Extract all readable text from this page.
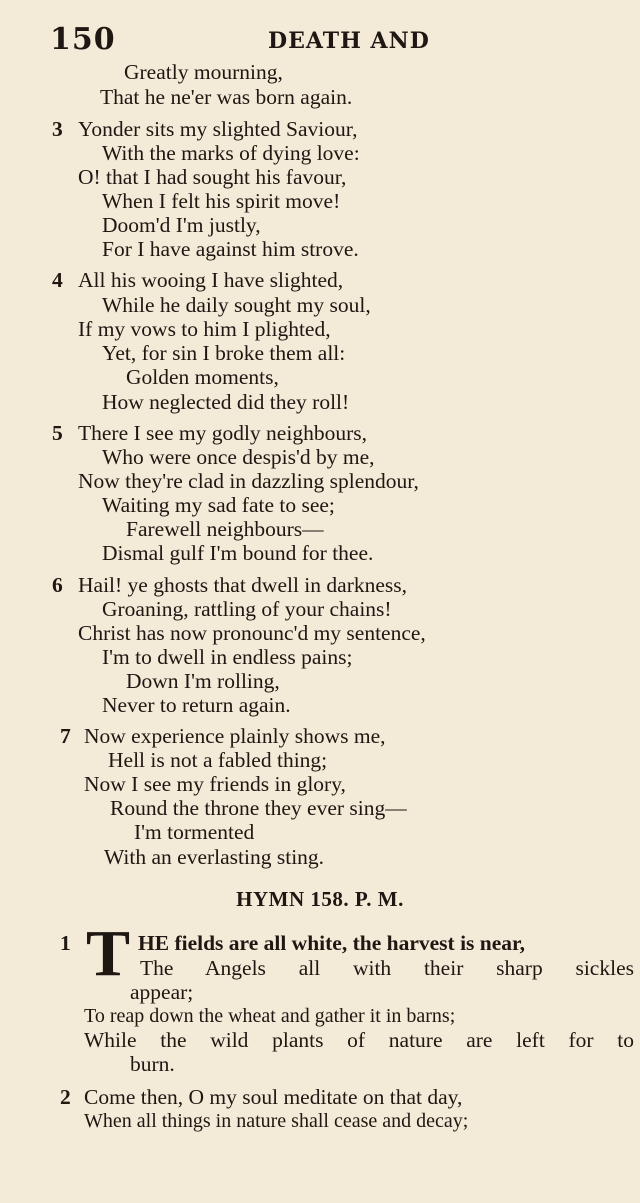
150	DEATH AND
Greatly mourning,
That he ne'er was born again.
3 Yonder sits my slighted Saviour,
With the marks of dying love:
O! that I had sought his favour,
When I felt his spirit move!
Doom'd I'm justly,
For I have against him strove.
4 All his wooing I have slighted,
While he daily sought my soul,
If my vows to him I plighted,
Yet, for sin I broke them all:
Golden moments,
How neglected did they roll!
5 There I see my godly neighbours,
Who were once despis'd by me,
Now they're clad in dazzling splendour,
Waiting my sad fate to see;
Farewell neighbours—
Dismal gulf I'm bound for thee.
6 Hail! ye ghosts that dwell in darkness,
Groaning, rattling of your chains!
Christ has now pronounc'd my sentence,
I'm to dwell in endless pains;
Down I'm rolling,
Never to return again.
7 Now experience plainly shows me,
Hell is not a fabled thing;
Now I see my friends in glory,
Round the throne they ever sing—
I'm tormented
With an everlasting sting.
HYMN 158. P. M.
1 T HE fields are all white, the harvest is near,
The Angels all with their sharp sickles
appear;
To reap down the wheat and gather it in barns;
While the wild plants of nature are left for to
burn.
2 Come then, O my soul meditate on that day,
When all things in nature shall cease and decay;
